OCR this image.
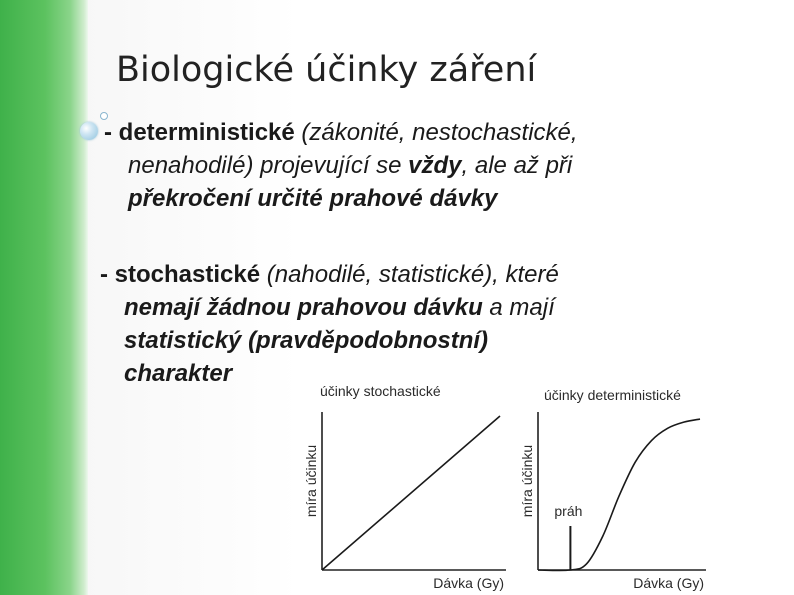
Biologické účinky záření
- deterministické (zákonité, nestochastické,
nenahodilé) projevující se vždy, ale až při
překročení určité prahové dávky
- stochastické (nahodilé, statistické), které
nemají žádnou prahovou dávku a mají
statistický (pravděpodobnostní)
charakter
účinky stochastické
míra účinku
Dávka (Gy)
účinky deterministické
míra účinku
Dávka (Gy)
práh
